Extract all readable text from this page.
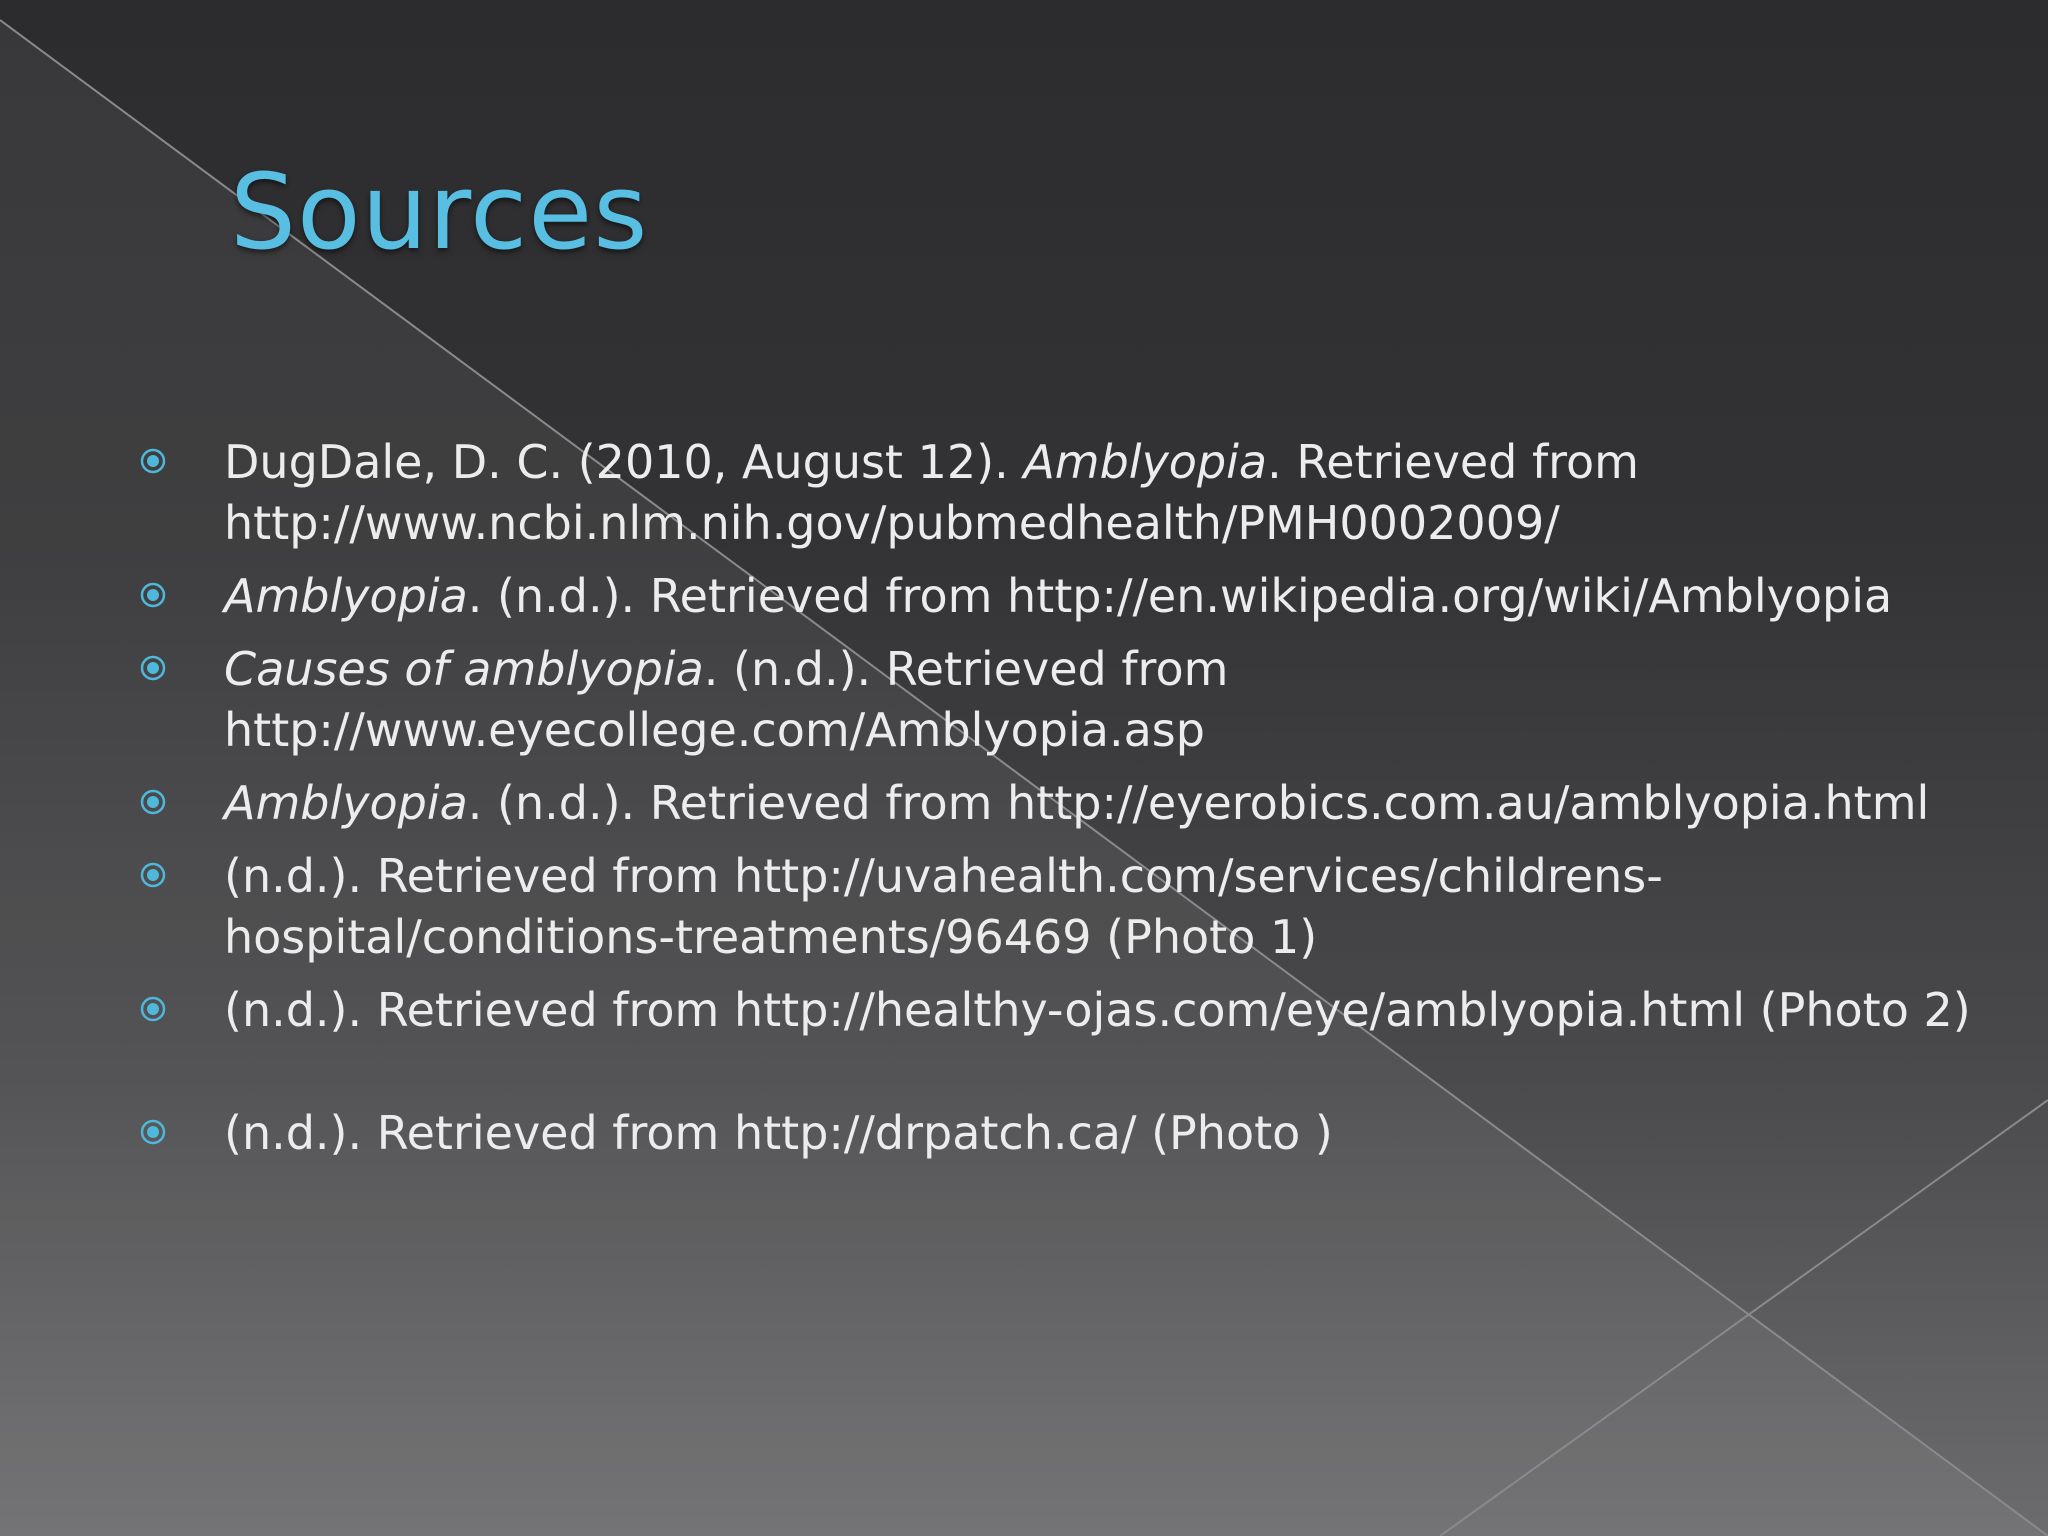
Sources
DugDale, D. C. (2010, August 12). Amblyopia. Retrieved from http://www.ncbi.nlm.nih.gov/pubmedhealth/PMH0002009/
Amblyopia. (n.d.). Retrieved from http://en.wikipedia.org/wiki/Amblyopia
Causes of amblyopia. (n.d.). Retrieved from http://www.eyecollege.com/Amblyopia.asp
Amblyopia. (n.d.). Retrieved from http://eyerobics.com.au/amblyopia.html
(n.d.). Retrieved from http://uvahealth.com/services/childrens-hospital/conditions-treatments/96469 (Photo 1)
(n.d.). Retrieved from http://healthy-ojas.com/eye/amblyopia.html (Photo 2)
(n.d.). Retrieved from http://drpatch.ca/ (Photo )
